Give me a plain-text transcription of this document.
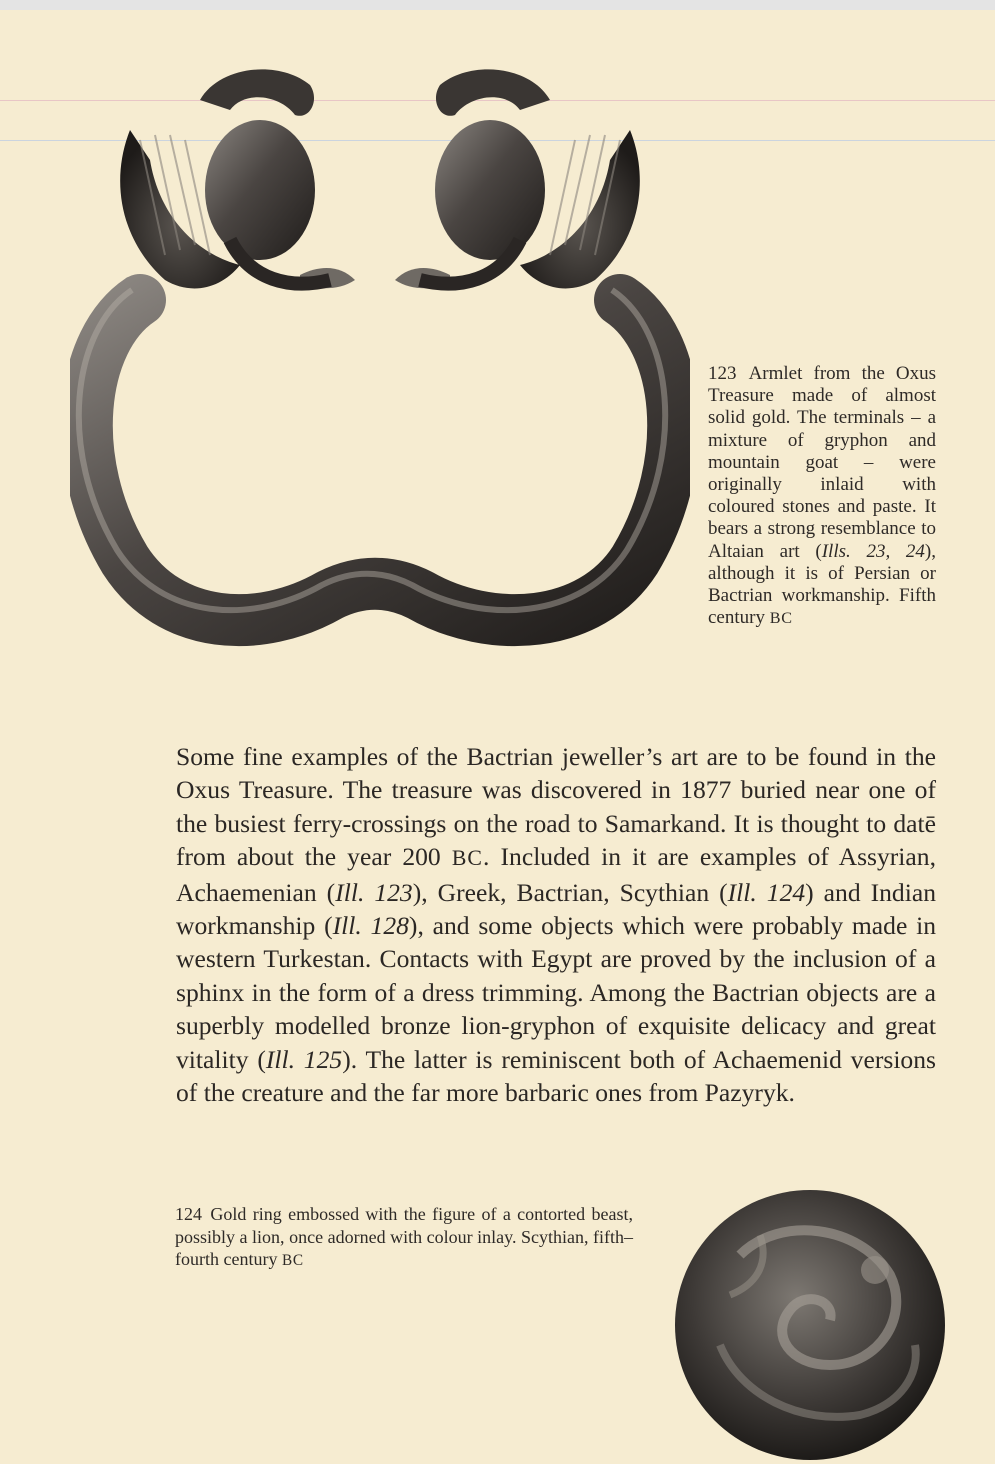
123 Armlet from the Oxus Treasure made of almost solid gold. The terminals – a mixture of gryphon and mountain goat – were originally inlaid with coloured stones and paste. It bears a strong resemblance to Altaian art (Ills. 23, 24), although it is of Persian or Bactrian workmanship. Fifth century BC

Some fine examples of the Bactrian jeweller’s art are to be found in the Oxus Treasure. The treasure was discovered in 1877 buried near one of the busiest ferry-crossings on the road to Samarkand. It is thought to datē from about the year 200 BC. Included in it are examples of Assyrian, Achaemenian (Ill. 123), Greek, Bactrian, Scythian (Ill. 124) and Indian workmanship (Ill. 128), and some objects which were probably made in western Turkestan. Contacts with Egypt are proved by the inclusion of a sphinx in the form of a dress trimming. Among the Bactrian objects are a superbly modelled bronze lion-gryphon of exquisite delicacy and great vitality (Ill. 125). The latter is reminiscent both of Achaemenid versions of the creature and the far more barbaric ones from Pazyryk.

124 Gold ring embossed with the figure of a contorted beast, possibly a lion, once adorned with colour inlay. Scythian, fifth–fourth century BC
